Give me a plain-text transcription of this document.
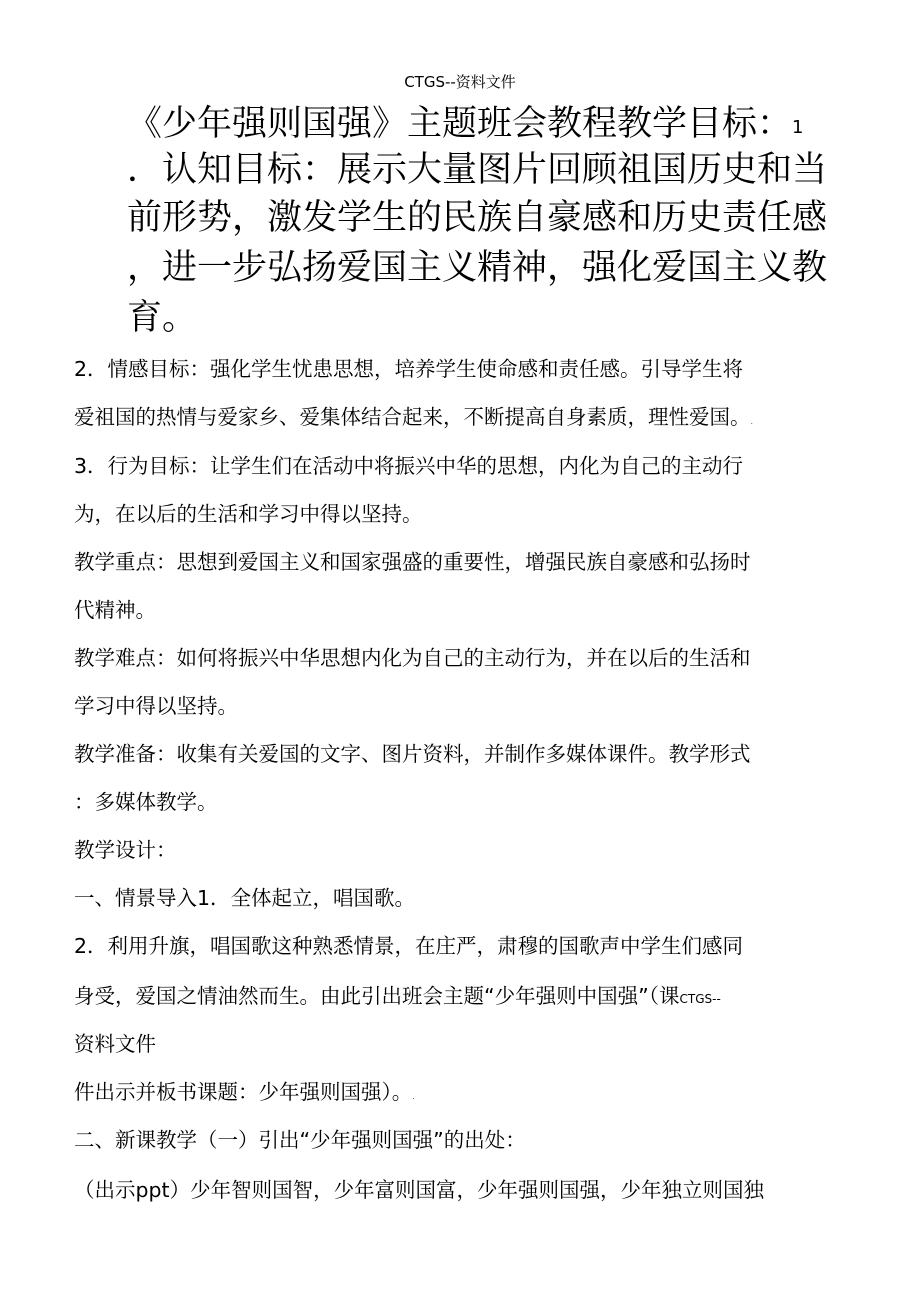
CTGS--资料文件
《少年强则国强》主题班会教程教学目标：1
．认知目标：展示大量图片回顾祖国历史和当
前形势，激发学生的民族自豪感和历史责任感
，进一步弘扬爱国主义精神，强化爱国主义教
育。
2．情感目标：强化学生忧患思想，培养学生使命感和责任感。引导学生将
爱祖国的热情与爱家乡、爱集体结合起来，不断提高自身素质，理性爱国。.
3．行为目标：让学生们在活动中将振兴中华的思想，内化为自己的主动行
为，在以后的生活和学习中得以坚持。
教学重点：思想到爱国主义和国家强盛的重要性，增强民族自豪感和弘扬时
代精神。
教学难点：如何将振兴中华思想内化为自己的主动行为，并在以后的生活和
学习中得以坚持。
教学准备：收集有关爱国的文字、图片资料，并制作多媒体课件。教学形式
：多媒体教学。
教学设计：
一、情景导入1．全体起立，唱国歌。
2．利用升旗，唱国歌这种熟悉情景，在庄严，肃穆的国歌声中学生们感同
身受，爱国之情油然而生。由此引出班会主题“少年强则中国强”（课CTGS--
资料文件
件出示并板书课题：少年强则国强）。.
二、新课教学（一）引出“少年强则国强”的出处：
（出示ppt）少年智则国智，少年富则国富，少年强则国强，少年独立则国独
